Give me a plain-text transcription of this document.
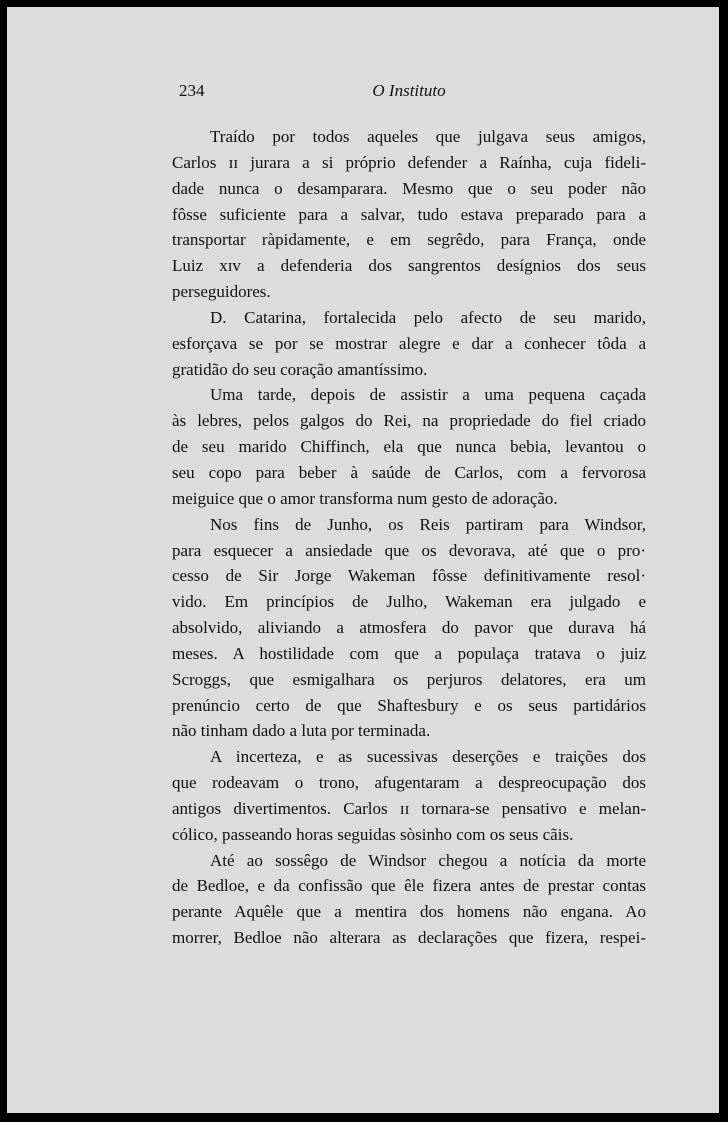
234	O Instituto
Traído por todos aqueles que julgava seus amigos,
Carlos ɪɪ jurara a si próprio defender a Raínha, cuja fideli-
dade nunca o desamparara. Mesmo que o seu poder não
fôsse suficiente para a salvar, tudo estava preparado para a
transportar ràpidamente, e em segrêdo, para França, onde
Luiz xɪv a defenderia dos sangrentos desígnios dos seus
perseguidores.
D. Catarina, fortalecida pelo afecto de seu marido,
esforçava se por se mostrar alegre e dar a conhecer tôda a
gratidão do seu coração amantíssimo.
Uma tarde, depois de assistir a uma pequena caçada
às lebres, pelos galgos do Rei, na propriedade do fiel criado
de seu marido Chiffinch, ela que nunca bebia, levantou o
seu copo para beber à saúde de Carlos, com a fervorosa
meiguice que o amor transforma num gesto de adoração.
Nos fins de Junho, os Reis partiram para Windsor,
para esquecer a ansiedade que os devorava, até que o pro·
cesso de Sir Jorge Wakeman fôsse definitivamente resol·
vido. Em princípios de Julho, Wakeman era julgado e
absolvido, aliviando a atmosfera do pavor que durava há
meses. A hostilidade com que a populaça tratava o juiz
Scroggs, que esmigalhara os perjuros delatores, era um
prenúncio certo de que Shaftesbury e os seus partidários
não tinham dado a luta por terminada.
A incerteza, e as sucessivas deserções e traições dos
que rodeavam o trono, afugentaram a despreocupação dos
antigos divertimentos. Carlos ɪɪ tornara-se pensativo e melan-
cólico, passeando horas seguidas sòsinho com os seus cãis.
Até ao sossêgo de Windsor chegou a notícia da morte
de Bedloe, e da confissão que êle fizera antes de prestar contas
perante Aquêle que a mentira dos homens não engana. Ao
morrer, Bedloe não alterara as declarações que fizera, respei-
